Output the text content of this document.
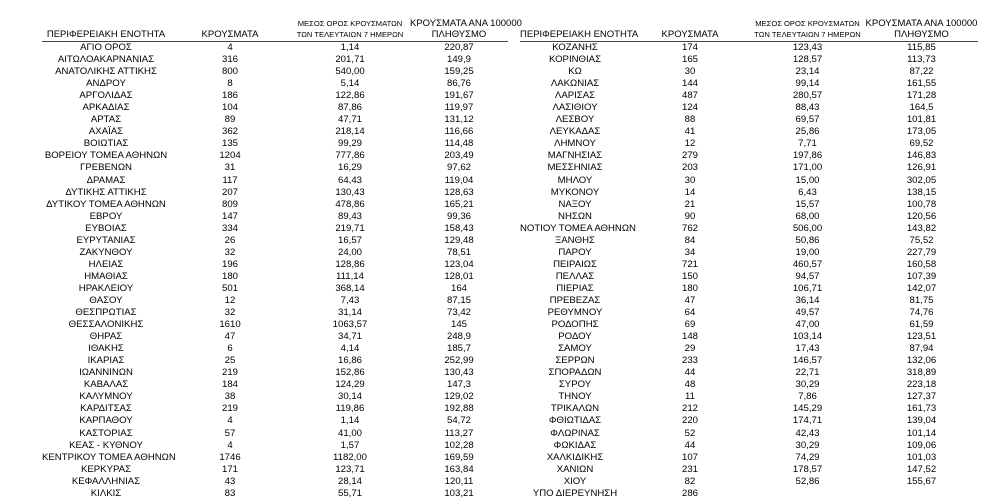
ΠΕΡΙΦΕΡΕΙΑΚΗ ΕΝΟΤΗΤΑ	ΚΡΟΥΣΜΑΤΑ	ΜΕΣΟΣ ΟΡΟΣ ΚΡΟΥΣΜΑΤΩΝ
ΤΩΝ ΤΕΛΕΥΤΑΙΩΝ 7 ΗΜΕΡΩΝ	ΚΡΟΥΣΜΑΤΑ ΑΝΑ 100000
ΠΛΗΘΥΣΜΟ
ΑΓΙΟ ΟΡΟΣ	4	1,14	220,87
ΑΙΤΩΛΟΑΚΑΡΝΑΝΙΑΣ	316	201,71	149,9
ΑΝΑΤΟΛΙΚΗΣ ΑΤΤΙΚΗΣ	800	540,00	159,25
ΑΝΔΡΟΥ	8	5,14	86,76
ΑΡΓΟΛΙΔΑΣ	186	122,86	191,67
ΑΡΚΑΔΙΑΣ	104	87,86	119,97
ΑΡΤΑΣ	89	47,71	131,12
ΑΧΑΪΑΣ	362	218,14	116,66
ΒΟΙΩΤΙΑΣ	135	99,29	114,48
ΒΟΡΕΙΟΥ ΤΟΜΕΑ ΑΘΗΝΩΝ	1204	777,86	203,49
ΓΡΕΒΕΝΩΝ	31	16,29	97,62
ΔΡΑΜΑΣ	117	64,43	119,04
ΔΥΤΙΚΗΣ ΑΤΤΙΚΗΣ	207	130,43	128,63
ΔΥΤΙΚΟΥ ΤΟΜΕΑ ΑΘΗΝΩΝ	809	478,86	165,21
ΕΒΡΟΥ	147	89,43	99,36
ΕΥΒΟΙΑΣ	334	219,71	158,43
ΕΥΡΥΤΑΝΙΑΣ	26	16,57	129,48
ΖΑΚΥΝΘΟΥ	32	24,00	78,51
ΗΛΕΙΑΣ	196	128,86	123,04
ΗΜΑΘΙΑΣ	180	111,14	128,01
ΗΡΑΚΛΕΙΟΥ	501	368,14	164
ΘΑΣΟΥ	12	7,43	87,15
ΘΕΣΠΡΩΤΙΑΣ	32	31,14	73,42
ΘΕΣΣΑΛΟΝΙΚΗΣ	1610	1063,57	145
ΘΗΡΑΣ	47	34,71	248,9
ΙΘΑΚΗΣ	6	4,14	185,7
ΙΚΑΡΙΑΣ	25	16,86	252,99
ΙΩΑΝΝΙΝΩΝ	219	152,86	130,43
ΚΑΒΑΛΑΣ	184	124,29	147,3
ΚΑΛΥΜΝΟΥ	38	30,14	129,02
ΚΑΡΔΙΤΣΑΣ	219	119,86	192,88
ΚΑΡΠΑΘΟΥ	4	1,14	54,72
ΚΑΣΤΟΡΙΑΣ	57	41,00	113,27
ΚΕΑΣ - ΚΥΘΝΟΥ	4	1,57	102,28
ΚΕΝΤΡΙΚΟΥ ΤΟΜΕΑ ΑΘΗΝΩΝ	1746	1182,00	169,59
ΚΕΡΚΥΡΑΣ	171	123,71	163,84
ΚΕΦΑΛΛΗΝΙΑΣ	43	28,14	120,11
ΚΙΛΚΙΣ	83	55,71	103,21
ΠΕΡΙΦΕΡΕΙΑΚΗ ΕΝΟΤΗΤΑ	ΚΡΟΥΣΜΑΤΑ	ΜΕΣΟΣ ΟΡΟΣ ΚΡΟΥΣΜΑΤΩΝ
ΤΩΝ ΤΕΛΕΥΤΑΙΩΝ 7 ΗΜΕΡΩΝ	ΚΡΟΥΣΜΑΤΑ ΑΝΑ 100000
ΠΛΗΘΥΣΜΟ
ΚΟΖΑΝΗΣ	174	123,43	115,85
ΚΟΡΙΝΘΙΑΣ	165	128,57	113,73
ΚΩ	30	23,14	87,22
ΛΑΚΩΝΙΑΣ	144	99,14	161,55
ΛΑΡΙΣΑΣ	487	280,57	171,28
ΛΑΣΙΘΙΟΥ	124	88,43	164,5
ΛΕΣΒΟΥ	88	69,57	101,81
ΛΕΥΚΑΔΑΣ	41	25,86	173,05
ΛΗΜΝΟΥ	12	7,71	69,52
ΜΑΓΝΗΣΙΑΣ	279	197,86	146,83
ΜΕΣΣΗΝΙΑΣ	203	171,00	126,91
ΜΗΛΟΥ	30	15,00	302,05
ΜΥΚΟΝΟΥ	14	6,43	138,15
ΝΑΞΟΥ	21	15,57	100,78
ΝΗΣΩΝ	90	68,00	120,56
ΝΟΤΙΟΥ ΤΟΜΕΑ ΑΘΗΝΩΝ	762	506,00	143,82
ΞΑΝΘΗΣ	84	50,86	75,52
ΠΑΡΟΥ	34	19,00	227,79
ΠΕΙΡΑΙΩΣ	721	460,57	160,58
ΠΕΛΛΑΣ	150	94,57	107,39
ΠΙΕΡΙΑΣ	180	106,71	142,07
ΠΡΕΒΕΖΑΣ	47	36,14	81,75
ΡΕΘΥΜΝΟΥ	64	49,57	74,76
ΡΟΔΟΠΗΣ	69	47,00	61,59
ΡΟΔΟΥ	148	103,14	123,51
ΣΑΜΟΥ	29	17,43	87,94
ΣΕΡΡΩΝ	233	146,57	132,06
ΣΠΟΡΑΔΩΝ	44	22,71	318,89
ΣΥΡΟΥ	48	30,29	223,18
ΤΗΝΟΥ	11	7,86	127,37
ΤΡΙΚΑΛΩΝ	212	145,29	161,73
ΦΘΙΩΤΙΔΑΣ	220	174,71	139,04
ΦΛΩΡΙΝΑΣ	52	42,43	101,14
ΦΩΚΙΔΑΣ	44	30,29	109,06
ΧΑΛΚΙΔΙΚΗΣ	107	74,29	101,03
ΧΑΝΙΩΝ	231	178,57	147,52
ΧΙΟΥ	82	52,86	155,67
ΥΠΟ ΔΙΕΡΕΥΝΗΣΗ	286		
